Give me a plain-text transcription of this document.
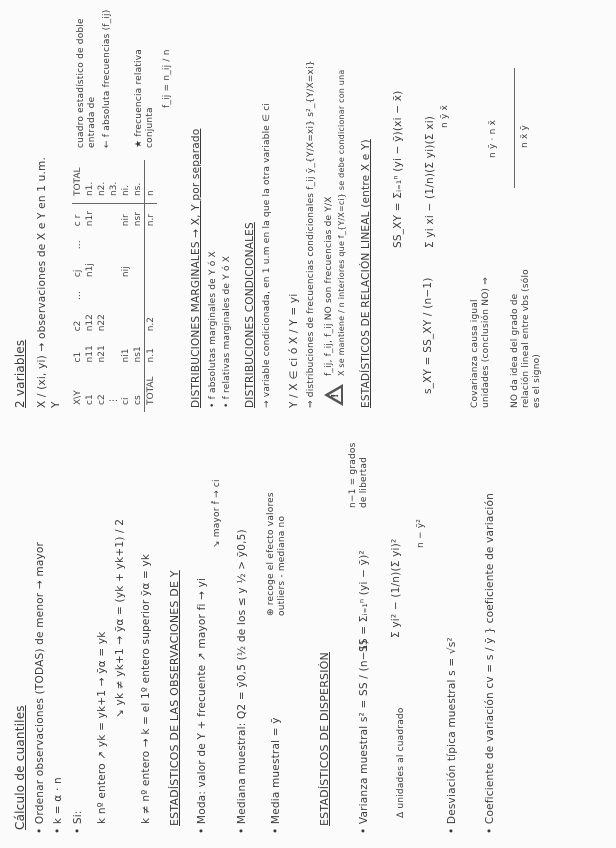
Cálculo de cuantiles • Ordenar observaciones (TODAS) de menor → mayor • k = α · n • Si: k nº entero ↗ yk = yk+1 → ȳα = yk
↘ yk ≠ yk+1 → ȳα = (yk + yk+1) / 2 k ≠ nº entero → k = el 1º entero superior ȳα = yk ESTADÍSTICOS DE LAS OBSERVACIONES DE Y • Moda: valor de Y + frecuente ↗ mayor fi → yi
↘ mayor f̂ → ci
• Mediana muestral: Q2 = ȳ0,5 (½ de los ≤ y ½ > ȳ0,5) • Media muestral = ȳ
⊕ recoge el efecto valores outliers - mediana no
ESTADÍSTICOS DE DISPERSIÓN	• Varianza muestral s² = SS / (n−1)
SS = Σᵢ₌₁ⁿ (yi − ȳ)²
n−1 = grados de libertad
Σ yi² − (1/n)(Σ yi)²
Δ unidades al cuadrado
n − ȳ²
• Desviación típica muestral s = √s² • Coeficiente de variación cv = s / ȳ } coeficiente de variación
2 variables X / (xi, yi) → observaciones de X e Y en 1 u.m. Y X\Y	c1	c2	…	cj	…	c r	TOTAL
c1	n11	n12		n1j		n1r	n1.
c2	n21	n22					n2.
⋮							n3.
ci	ni1			nij		nir	ni.
cs	ns1					nsr	ns.
TOTAL	n.1	n.2				n.r	n
cuadro estadístico de doble entrada de ← f absoluta frecuencias (f_ij) ★ frecuencia relativa conjunta
f_ij = n_ij / n
DISTRIBUCIONES MARGINALES → X, Y por separado • f absolutas marginales de Y ó X • f relativas marginales de Y ó X DISTRIBUCIONES CONDICIONALES → variable condicionada, en 1 u.m en la que la otra variable ∈ ci Y / X ∈ ci ó X / Y = yi ⇒ distribuciones de frecuencias condicionales f_ij ȳ_{Y/X=xi} s²_{Y/X=xi} !
f_ij, f_ij, f_ij NO son frecuencias de Y/X X se mantiene / n interiores que f_{Y/X=ci} se debe condicionar con una ESTADÍSTICOS DE RELACIÓN LINEAL (entre X e Y) SS_XY = Σᵢ₌₁ⁿ (yi − ȳ)(xi − x̄)
s_XY = SS_XY / (n−1)
Σ yi xi − (1/n)(Σ yi)(Σ xi) n ȳ x̄
Covarianza causa igual unidades (conclusión NO) ⇒ NO da idea del grado de relación lineal entre vbs (sólo es el signo)
n ȳ · n x̄ n x̄ ȳ
